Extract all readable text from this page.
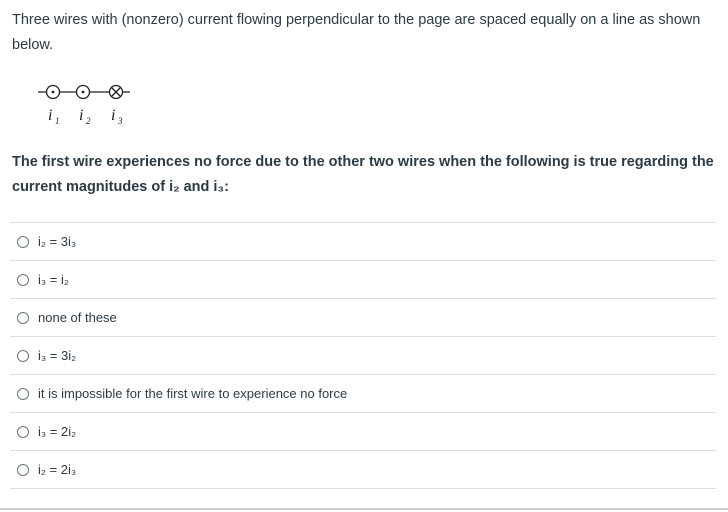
Three wires with (nonzero) current flowing perpendicular to the page are spaced equally on a line as shown below.
i 1 i 2 i 3
The first wire experiences no force due to the other two wires when the following is true regarding the current magnitudes of i₂ and i₃:
i₂ = 3i₃
i₃ = i₂
none of these
i₃ = 3i₂
it is impossible for the first wire to experience no force
i₃ = 2i₂
i₂ = 2i₃
